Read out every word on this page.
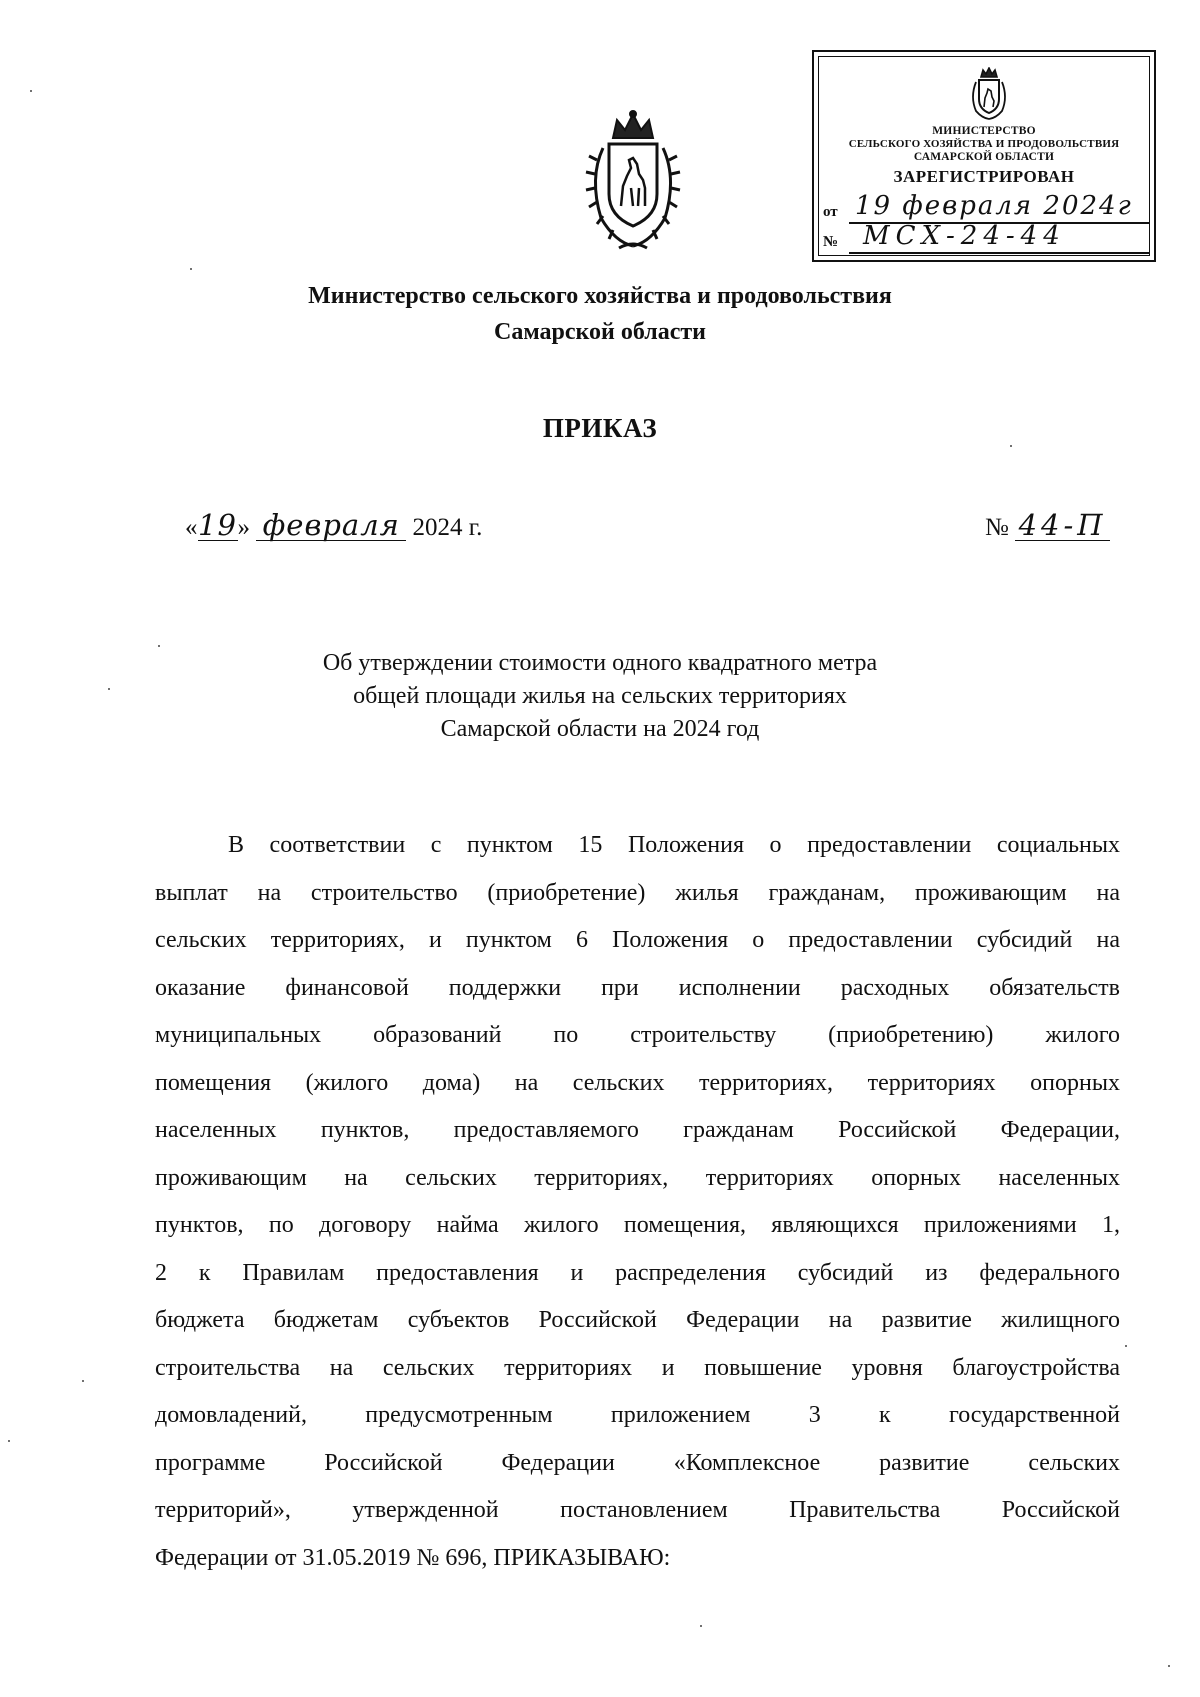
МИНИСТЕРСТВО
СЕЛЬСКОГО ХОЗЯЙСТВА И ПРОДОВОЛЬСТВИЯ
САМАРСКОЙ ОБЛАСТИ
ЗАРЕГИСТРИРОВАН
от 19 февраля 2024г
№ МСХ-24-44
Министерство сельского хозяйства и продовольствия
Самарской области
ПРИКАЗ
«19» февраля 2024 г.	№ 44-П
Об утверждении стоимости одного квадратного метра
общей площади жилья на сельских территориях
Самарской области на 2024 год
В соответствии с пунктом 15 Положения о предоставлении социальных
выплат на строительство (приобретение) жилья гражданам, проживающим на
сельских территориях, и пунктом 6 Положения о предоставлении субсидий на
оказание финансовой поддержки при исполнении расходных обязательств
муниципальных образований по строительству (приобретению) жилого
помещения (жилого дома) на сельских территориях, территориях опорных
населенных пунктов, предоставляемого гражданам Российской Федерации,
проживающим на сельских территориях, территориях опорных населенных
пунктов, по договору найма жилого помещения, являющихся приложениями 1,
2 к Правилам предоставления и распределения субсидий из федерального
бюджета бюджетам субъектов Российской Федерации на развитие жилищного
строительства на сельских территориях и повышение уровня благоустройства
домовладений, предусмотренным приложением 3 к государственной
программе Российской Федерации «Комплексное развитие сельских
территорий», утвержденной постановлением Правительства Российской
Федерации от 31.05.2019 № 696, ПРИКАЗЫВАЮ:
